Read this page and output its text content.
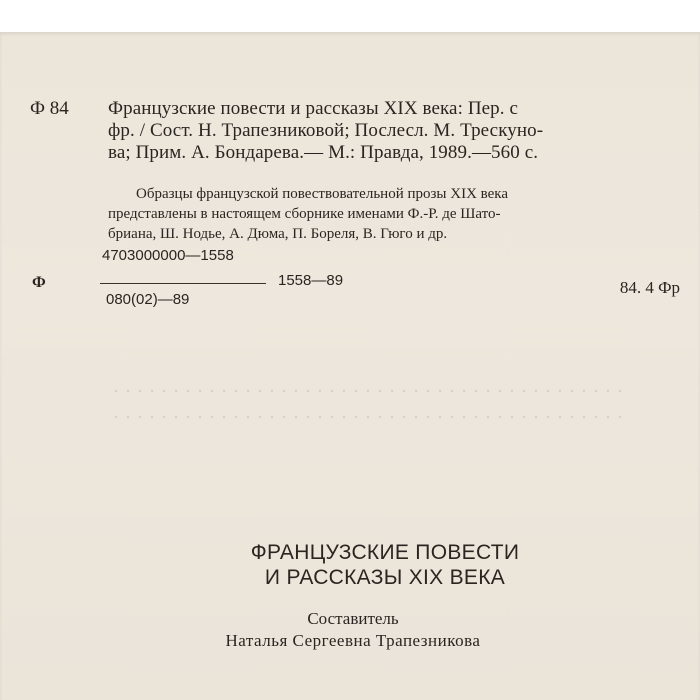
Ф 84 Французские повести и рассказы XIX века: Пер. с
фр. / Сост. Н. Трапезниковой; Послесл. М. Трескуно-
ва; Прим. А. Бондарева.— М.: Правда, 1989.—560 с.
Образцы французской повествовательной прозы XIX века
представлены в настоящем сборнике именами Ф.-Р. де Шато-
бриана, Ш. Нодье, А. Дюма, П. Бореля, В. Гюго и др.
Ф
4703000000—1558
080(02)—89
1558—89	84. 4 Фр
ФРАНЦУЗСКИЕ ПОВЕСТИ
И РАССКАЗЫ XIX ВЕКА
Составитель
Наталья Сергеевна Трапезникова
